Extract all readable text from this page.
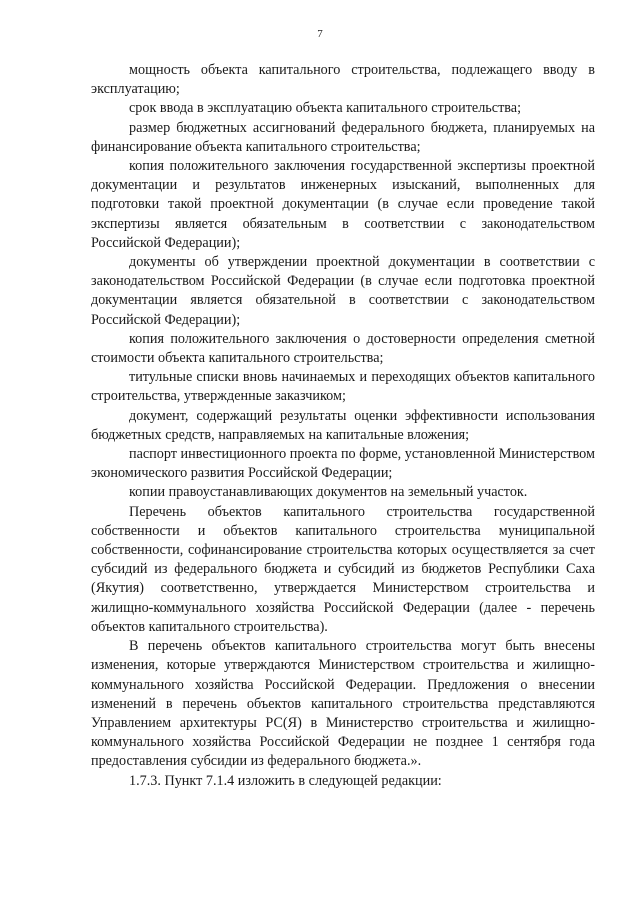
7

мощность объекта капитального строительства, подлежащего вводу в эксплуатацию;

срок ввода в эксплуатацию объекта капитального строительства;

размер бюджетных ассигнований федерального бюджета, планируемых на финансирование объекта капитального строительства;

копия положительного заключения государственной экспертизы проектной документации и результатов инженерных изысканий, выполненных для подготовки такой проектной документации (в случае если проведение такой экспертизы является обязательным в соответствии с законодательством Российской Федерации);

документы об утверждении проектной документации в соответствии с законодательством Российской Федерации (в случае если подготовка проектной документации является обязательной в соответствии с законодательством Российской Федерации);

копия положительного заключения о достоверности определения сметной стоимости объекта капитального строительства;

титульные списки вновь начинаемых и переходящих объектов капитального строительства, утвержденные заказчиком;

документ, содержащий результаты оценки эффективности использования бюджетных средств, направляемых на капитальные вложения;

паспорт инвестиционного проекта по форме, установленной Министерством экономического развития Российской Федерации;

копии правоустанавливающих документов на земельный участок.

Перечень объектов капитального строительства государственной собственности и объектов капитального строительства муниципальной собственности, софинансирование строительства которых осуществляется за счет субсидий из федерального бюджета и субсидий из бюджетов Республики Саха (Якутия) соответственно, утверждается Министерством строительства и жилищно-коммунального хозяйства Российской Федерации (далее - перечень объектов капитального строительства).

В перечень объектов капитального строительства могут быть внесены изменения, которые утверждаются Министерством строительства и жилищно-коммунального хозяйства Российской Федерации. Предложения о внесении изменений в перечень объектов капитального строительства представляются Управлением архитектуры РС(Я) в Министерство строительства и жилищно-коммунального хозяйства Российской Федерации не позднее 1 сентября года предоставления субсидии из федерального бюджета.».

1.7.3. Пункт 7.1.4 изложить в следующей редакции:
